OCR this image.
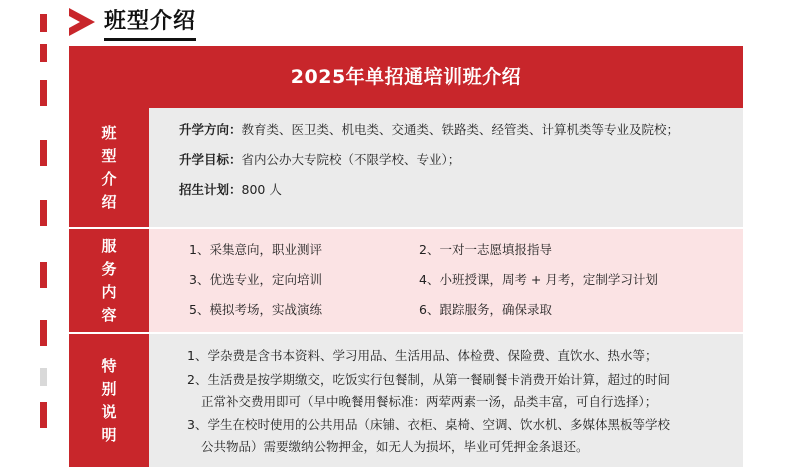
班型介绍
2025年单招通培训班介绍
班型介绍
升学方向：教育类、医卫类、机电类、交通类、铁路类、经管类、计算机类等专业及院校；
升学目标：省内公办大专院校（不限学校、专业）；
招生计划：800 人
服务内容
1、采集意向，职业测评	2、一对一志愿填报指导
3、优选专业，定向培训	4、小班授课，周考 + 月考，定制学习计划
5、模拟考场，实战演练	6、跟踪服务，确保录取
特别说明
1、学杂费是含书本资料、学习用品、生活用品、体检费、保险费、直饮水、热水等；
2、生活费是按学期缴交，吃饭实行包餐制，从第一餐刷餐卡消费开始计算，超过的时间
正常补交费用即可（早中晚餐用餐标准：两荤两素一汤，品类丰富，可自行选择）；
3、学生在校时使用的公共用品（床铺、衣柜、桌椅、空调、饮水机、多媒体黑板等学校
公共物品）需要缴纳公物押金，如无人为损坏，毕业可凭押金条退还。
